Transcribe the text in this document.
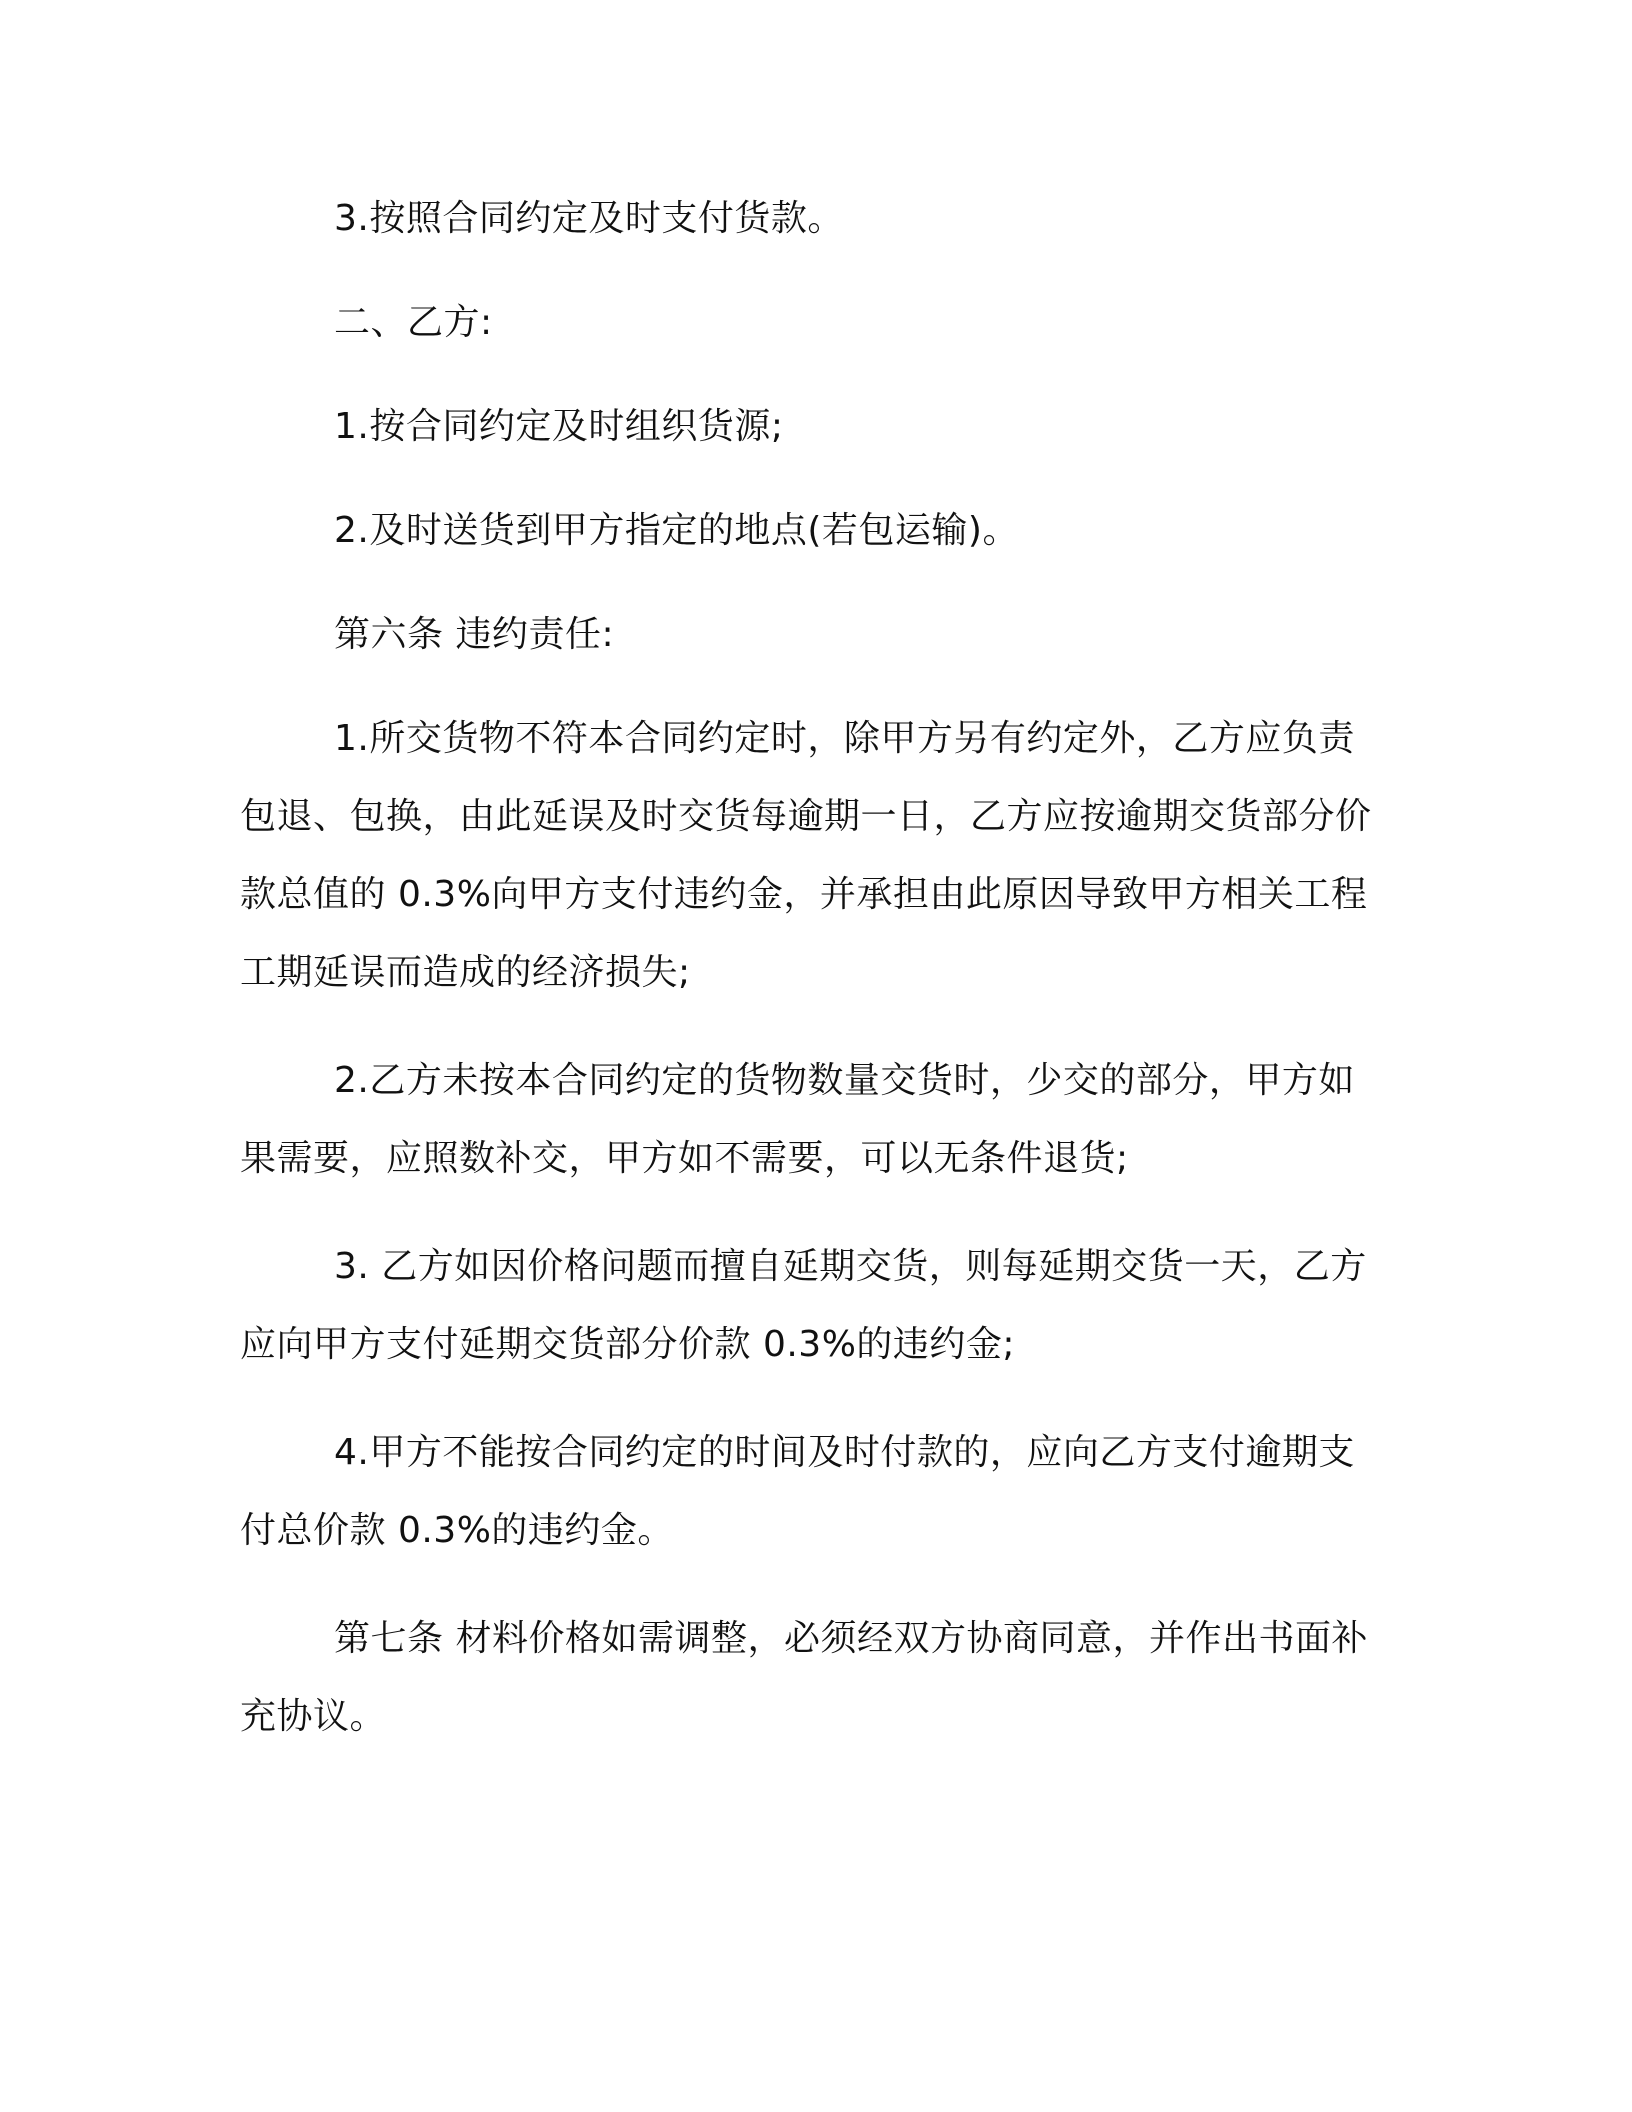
3.按照合同约定及时支付货款。

二、乙方:

1.按合同约定及时组织货源;

2.及时送货到甲方指定的地点(若包运输)。

第六条 违约责任:

1.所交货物不符本合同约定时，除甲方另有约定外，乙方应负责包退、包换，由此延误及时交货每逾期一日，乙方应按逾期交货部分价款总值的 0.3%向甲方支付违约金，并承担由此原因导致甲方相关工程工期延误而造成的经济损失;

2.乙方未按本合同约定的货物数量交货时，少交的部分，甲方如果需要，应照数补交，甲方如不需要，可以无条件退货;

3. 乙方如因价格问题而擅自延期交货，则每延期交货一天，乙方应向甲方支付延期交货部分价款 0.3%的违约金;

4.甲方不能按合同约定的时间及时付款的，应向乙方支付逾期支付总价款 0.3%的违约金。

第七条 材料价格如需调整，必须经双方协商同意，并作出书面补充协议。
